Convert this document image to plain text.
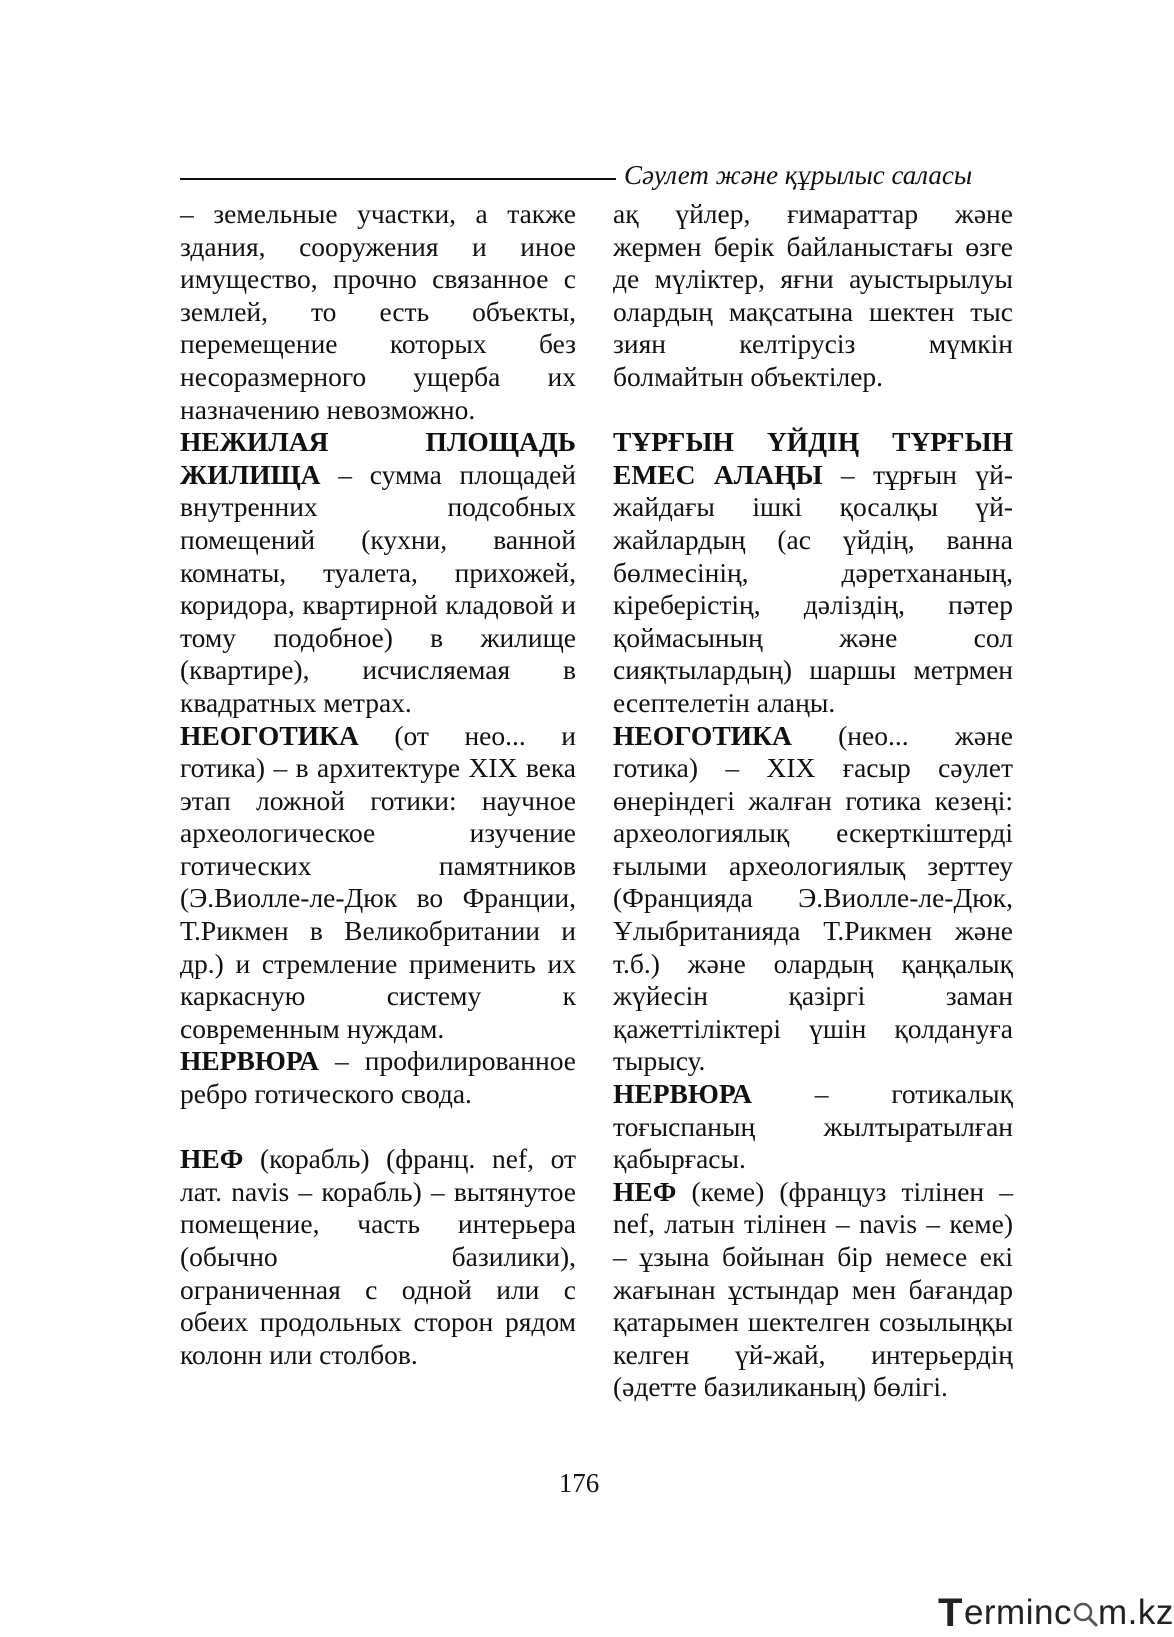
Сәулет және құрылыс саласы

– земельные участки, а также здания, сооружения и иное имущество, прочно связанное с землей, то есть объекты, перемещение которых без несоразмерного ущерба их назначению невозможно.

НЕЖИЛАЯ ПЛОЩАДЬ ЖИЛИЩА – сумма площадей внутренних подсобных помещений (кухни, ванной комнаты, туалета, прихожей, коридора, квартирной кладовой и тому подобное) в жилище (квартире), исчисляемая в квадратных метрах.

НЕОГОТИКА (от нео... и готика) – в архитектуре XIX века этап ложной готики: научное археологическое изучение готических памятников (Э.Виолле-ле-Дюк во Франции, Т.Рикмен в Великобритании и др.) и стремление применить их каркасную систему к современным нуждам.

НЕРВЮРА – профилированное ребро готического свода.

НЕФ (корабль) (франц. nef, от лат. navis – корабль) – вытянутое помещение, часть интерьера (обычно базилики), ограниченная с одной или с обеих продольных сторон рядом колонн или столбов.

ақ үйлер, ғимараттар және жермен берік байланыстағы өзге де мүліктер, яғни ауыстырылуы олардың мақсатына шектен тыс зиян келтірусіз мүмкін болмайтын объектілер.

ТҰРҒЫН ҮЙДІҢ ТҰРҒЫН ЕМЕС АЛАҢЫ – тұрғын үй-жайдағы ішкі қосалқы үй-жайлардың (ас үйдің, ванна бөлмесінің, дәретхананың, кіреберістің, дәліздің, пәтер қоймасының және сол сияқтылардың) шаршы метрмен есептелетін алаңы.

НЕОГОТИКА (нео... және готика) – XIX ғасыр сәулет өнеріндегі жалған готика кезеңі: археологиялық ескерткіштерді ғылыми археологиялық зерттеу (Францияда Э.Виолле-ле-Дюк, Ұлыбританияда Т.Рикмен және т.б.) және олардың қаңқалық жүйесін қазіргі заман қажеттіліктері үшін қолдануға тырысу.

НЕРВЮРА – готикалық тоғыспаның жылтыратылған қабырғасы.

НЕФ (кеме) (француз тілінен – nef, латын тілінен – navis – кеме) – ұзына бойынан бір немесе екі жағынан ұстындар мен бағандар қатарымен шектелген созылыңқы келген үй-жай, интерьердің (әдетте базиликаның) бөлігі.

176
T erminc m.kz
